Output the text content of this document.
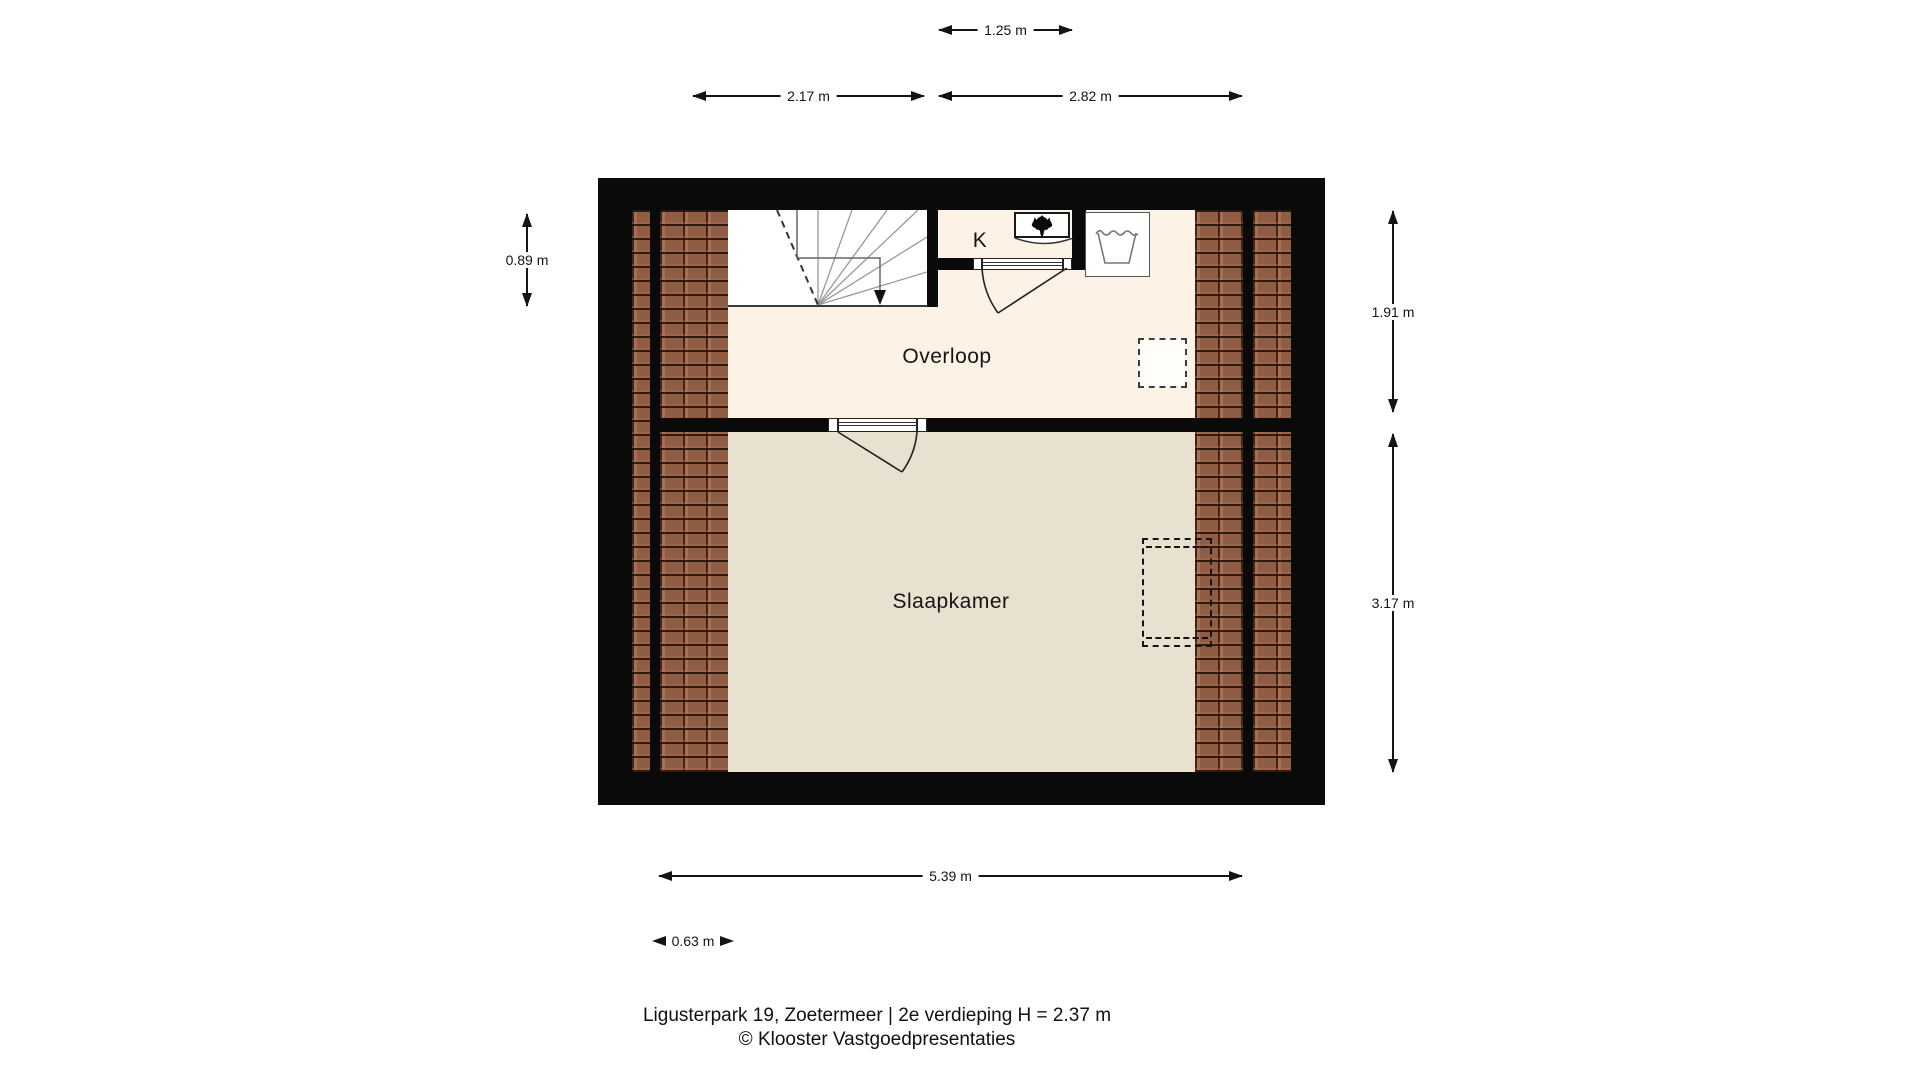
K
Overloop
Slaapkamer
1.25 m
2.17 m	2.82 m
0.89 m
1.91 m
3.17 m
5.39 m
0.63 m
Ligusterpark 19, Zoetermeer | 2e verdieping H = 2.37 m
© Klooster Vastgoedpresentaties
